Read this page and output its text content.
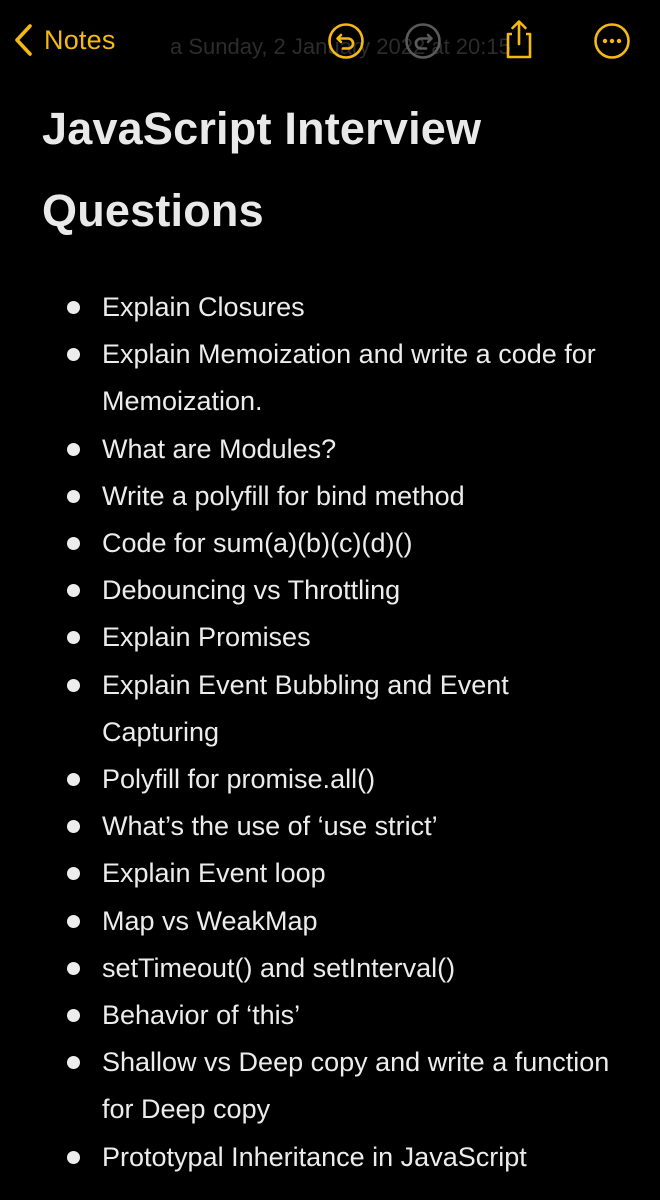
a Sunday, 2 January 2022 at 20:15
Notes
JavaScript Interview Questions
Explain Closures
Explain Memoization and write a code for Memoization.
What are Modules?
Write a polyfill for bind method
Code for sum(a)(b)(c)(d)()
Debouncing vs Throttling
Explain Promises
Explain Event Bubbling and Event Capturing
Polyfill for promise.all()
What’s the use of ‘use strict’
Explain Event loop
Map vs WeakMap
setTimeout() and setInterval()
Behavior of ‘this’
Shallow vs Deep copy and write a function for Deep copy
Prototypal Inheritance in JavaScript
